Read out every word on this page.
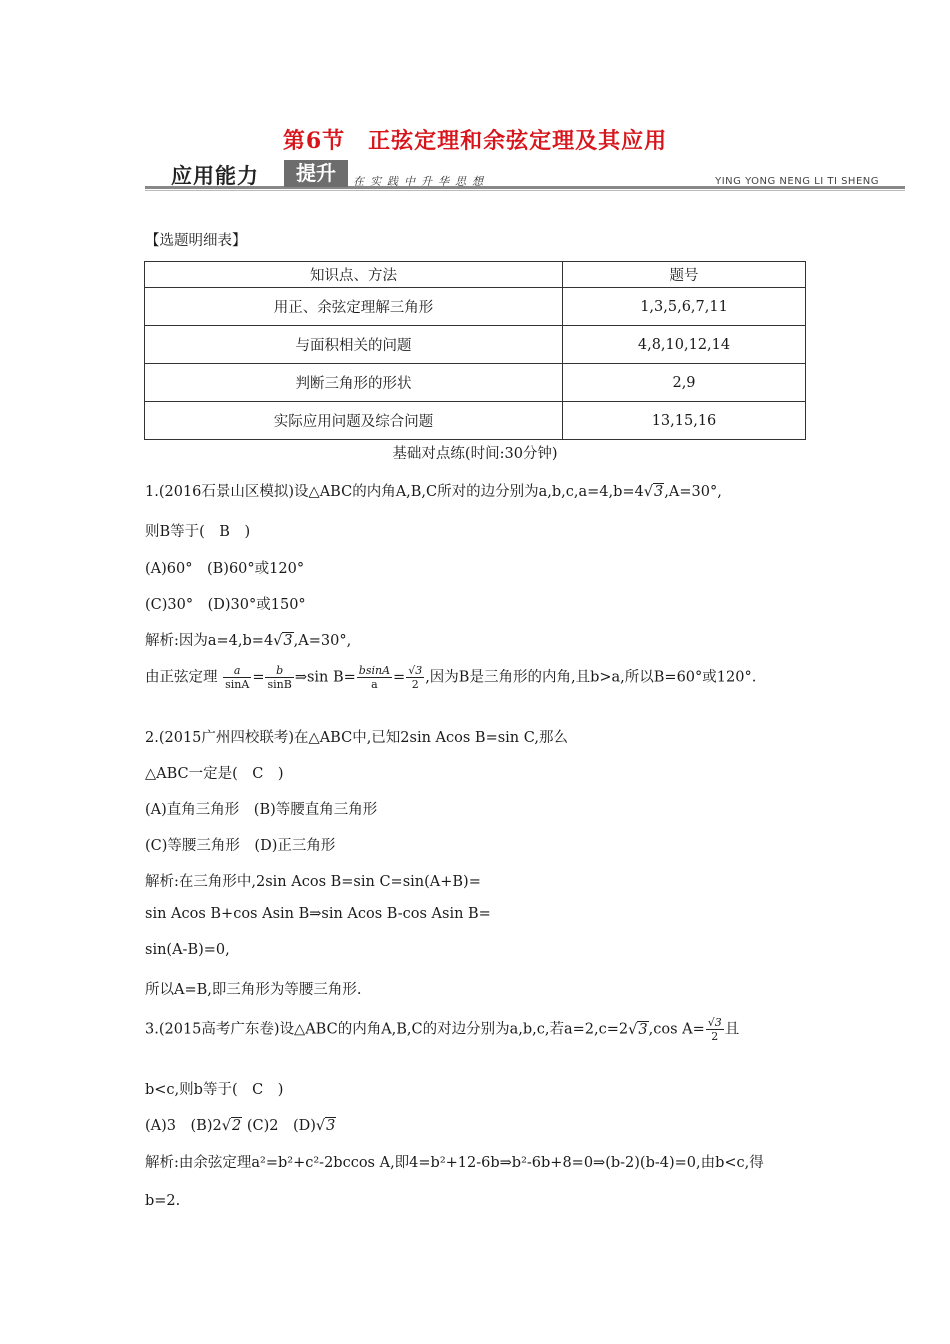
第6节　正弦定理和余弦定理及其应用
应用能力	提升	在实践中升华思想	YING YONG NENG LI TI SHENG
【选题明细表】
知识点、方法	题号
用正、余弦定理解三角形	1,3,5,6,7,11
与面积相关的问题	4,8,10,12,14
判断三角形的形状	2,9
实际应用问题及综合问题	13,15,16
基础对点练(时间:30分钟)
1.(2016石景山区模拟)设△ABC的内角A,B,C所对的边分别为a,b,c,a=4,b=4√3,A=30°,
则B等于(　B　)
(A)60°　(B)60°或120°
(C)30°　(D)30°或150°
解析:因为a=4,b=4√3,A=30°,
由正弦定理 $\frac{a}{\sin A} = \frac{b}{\sin B}$ ⇒sin $B= \frac{bsinA}{a} = \frac{√3}{2}$ ,因为B是三角形的内角,且b>a,所以B=60°或120°.
2.(2015广州四校联考)在△ABC中,已知2sin Acos B=sin C,那么
△ABC一定是(　C　)
(A)直角三角形　(B)等腰直角三角形
(C)等腰三角形　(D)正三角形
解析:在三角形中,2sin Acos B=sin C=sin(A+B)=
sin Acos B+cos Asin B⇒sin Acos B-cos Asin B=
sin(A-B)=0,
所以A=B,即三角形为等腰三角形.
3.(2015高考广东卷)设△ABC的内角A,B,C的对边分别为a,b,c,若a=2,c=2√3,cos $A= \frac{√3}{2}$ 且
b<c,则b等于(　C　)
(A)3　(B)2√2 (C)2　(D)√3
解析:由余弦定理a²=b²+c²-2bccos A,即4=b²+12-6b⇒b²-6b+8=0⇒(b-2)(b-4)=0,由b<c,得
b=2.
